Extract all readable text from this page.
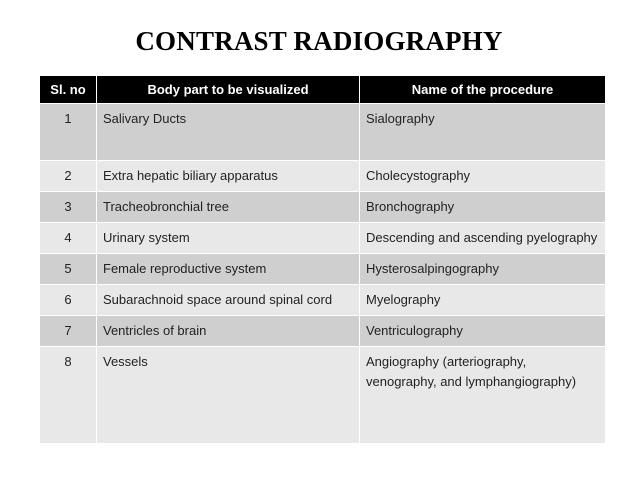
CONTRAST RADIOGRAPHY
Sl. no	Body part to be visualized	Name of the procedure
1	Salivary Ducts	Sialography
2	Extra hepatic biliary apparatus	Cholecystography
3	Tracheobronchial tree	Bronchography
4	Urinary system	Descending and ascending pyelography
5	Female reproductive system	Hysterosalpingography
6	Subarachnoid space around spinal cord	Myelography
7	Ventricles of brain	Ventriculography
8	Vessels	Angiography (arteriography, venography, and lymphangiography)
